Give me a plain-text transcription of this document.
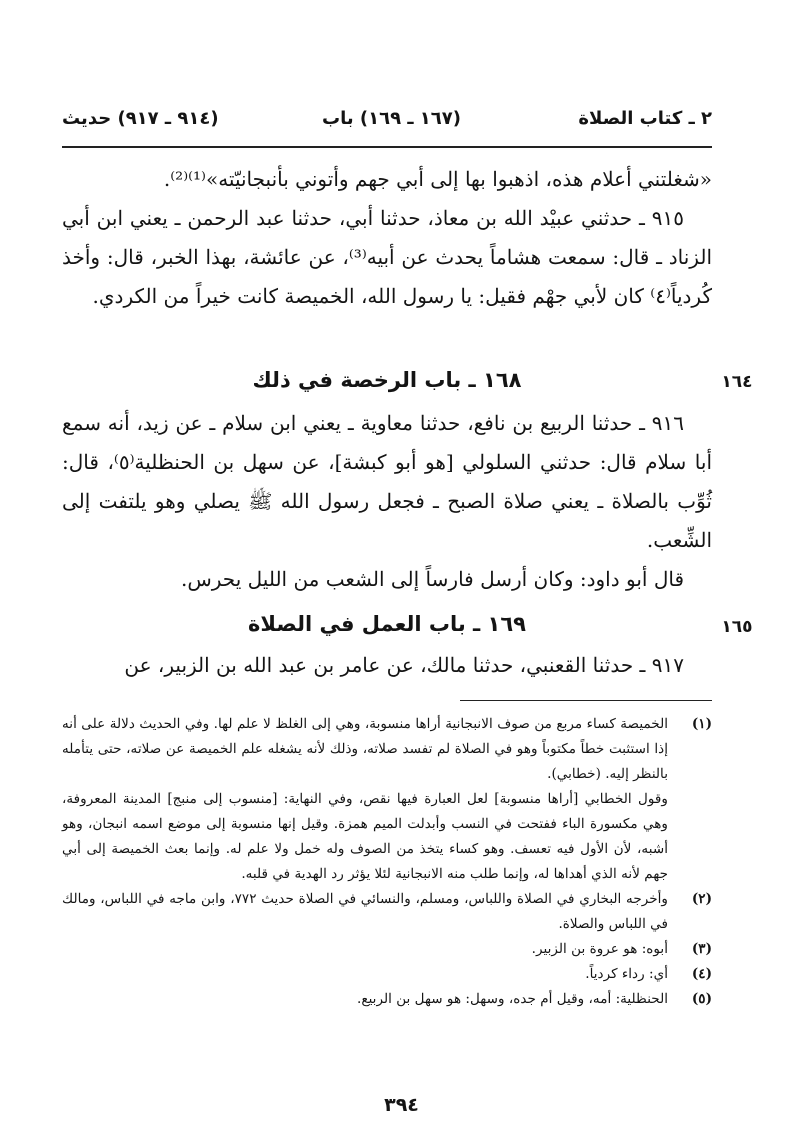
٢ ـ كتاب الصلاة
(١٦٧ ـ ١٦٩) باب
(٩١٤ ـ ٩١٧) حديث

«شغلتني أعلام هذه، اذهبوا بها إلى أبي جهم وأتوني بأنبجانيّته»⁽¹⁾⁽²⁾.

٩١٥ ـ حدثني عبيْد الله بن معاذ، حدثنا أبي، حدثنا عبد الرحمن ـ يعني ابن أبي الزناد ـ قال: سمعت هشاماً يحدث عن أبيه⁽³⁾، عن عائشة، بهذا الخبر، قال: وأخذ كُردياً⁽٤⁾ كان لأبي جهْم فقيل: يا رسول الله، الخميصة كانت خيراً من الكردي.

١٦٤
١٦٨ ـ باب الرخصة في ذلك

٩١٦ ـ حدثنا الربيع بن نافع، حدثنا معاوية ـ يعني ابن سلام ـ عن زيد، أنه سمع أبا سلام قال: حدثني السلولي [هو أبو كبشة]، عن سهل بن الحنظلية⁽٥⁾، قال: ثُوِّب بالصلاة ـ يعني صلاة الصبح ـ فجعل رسول الله ﷺ يصلي وهو يلتفت إلى الشِّعب.

قال أبو داود: وكان أرسل فارساً إلى الشعب من الليل يحرس.

١٦٥
١٦٩ ـ باب العمل في الصلاة

٩١٧ ـ حدثنا القعنبي، حدثنا مالك، عن عامر بن عبد الله بن الزبير، عن

(١)
الخميصة كساء مربع من صوف الانبجانية أراها منسوبة، وهي إلى الغلظ لا علم لها. وفي الحديث دلالة على أنه إذا استثبت خطاً مكتوباً وهو في الصلاة لم تفسد صلاته، وذلك لأنه يشغله علم الخميصة عن صلاته، حتى يتأمله بالنظر إليه. (خطابي).
وقول الخطابي [أراها منسوبة] لعل العبارة فيها نقص، وفي النهاية: [منسوب إلى منبج] المدينة المعروفة، وهي مكسورة الباء ففتحت في النسب وأبدلت الميم همزة. وقيل إنها منسوبة إلى موضع اسمه انبجان، وهو أشبه، لأن الأول فيه تعسف. وهو كساء يتخذ من الصوف وله خمل ولا علم له. وإنما بعث الخميصة إلى أبي جهم لأنه الذي أهداها له، وإنما طلب منه الانبجانية لئلا يؤثر رد الهدية في قلبه.
(٢)
وأخرجه البخاري في الصلاة واللباس، ومسلم، والنسائي في الصلاة حديث ٧٧٢، وابن ماجه في اللباس، ومالك في اللباس والصلاة.
(٣)
أبوه: هو عروة بن الزبير.
(٤)
أي: رداء كردياً.
(٥)
الحنظلية: أمه، وقيل أم جده، وسهل: هو سهل بن الربيع.
٣٩٤
